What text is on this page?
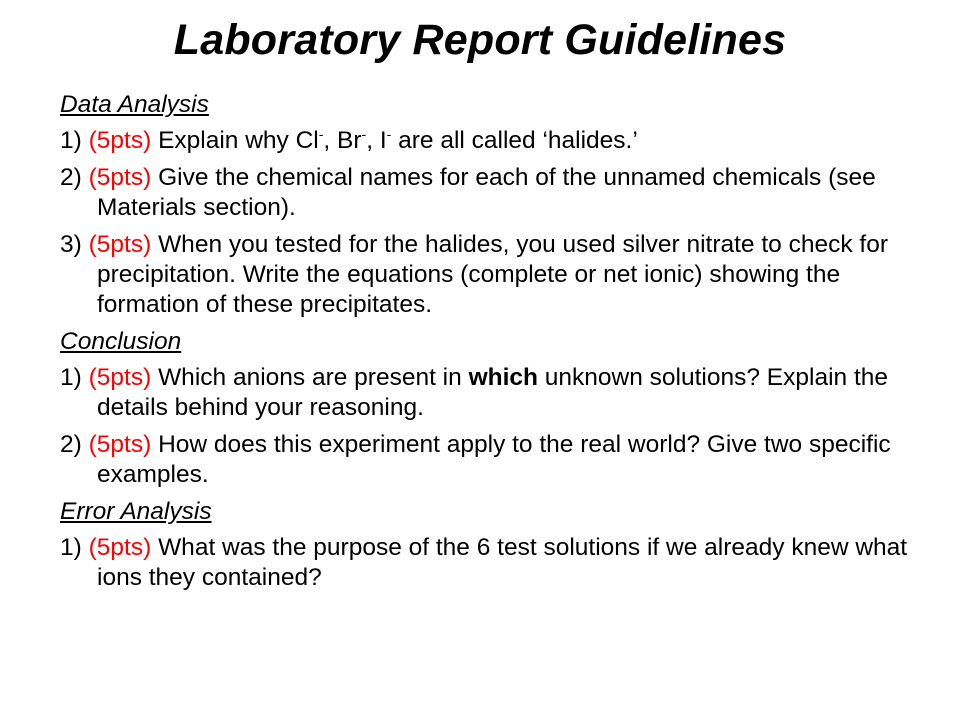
Laboratory Report Guidelines
Data Analysis
1) (5pts) Explain why Cl-, Br-, I- are all called ‘halides.’
2) (5pts) Give the chemical names for each of the unnamed chemicals (see Materials section).
3) (5pts) When you tested for the halides, you used silver nitrate to check for precipitation. Write the equations (complete or net ionic) showing the formation of these precipitates.
Conclusion
1) (5pts) Which anions are present in which unknown solutions? Explain the details behind your reasoning.
2) (5pts) How does this experiment apply to the real world? Give two specific examples.
Error Analysis
1) (5pts) What was the purpose of the 6 test solutions if we already knew what ions they contained?
